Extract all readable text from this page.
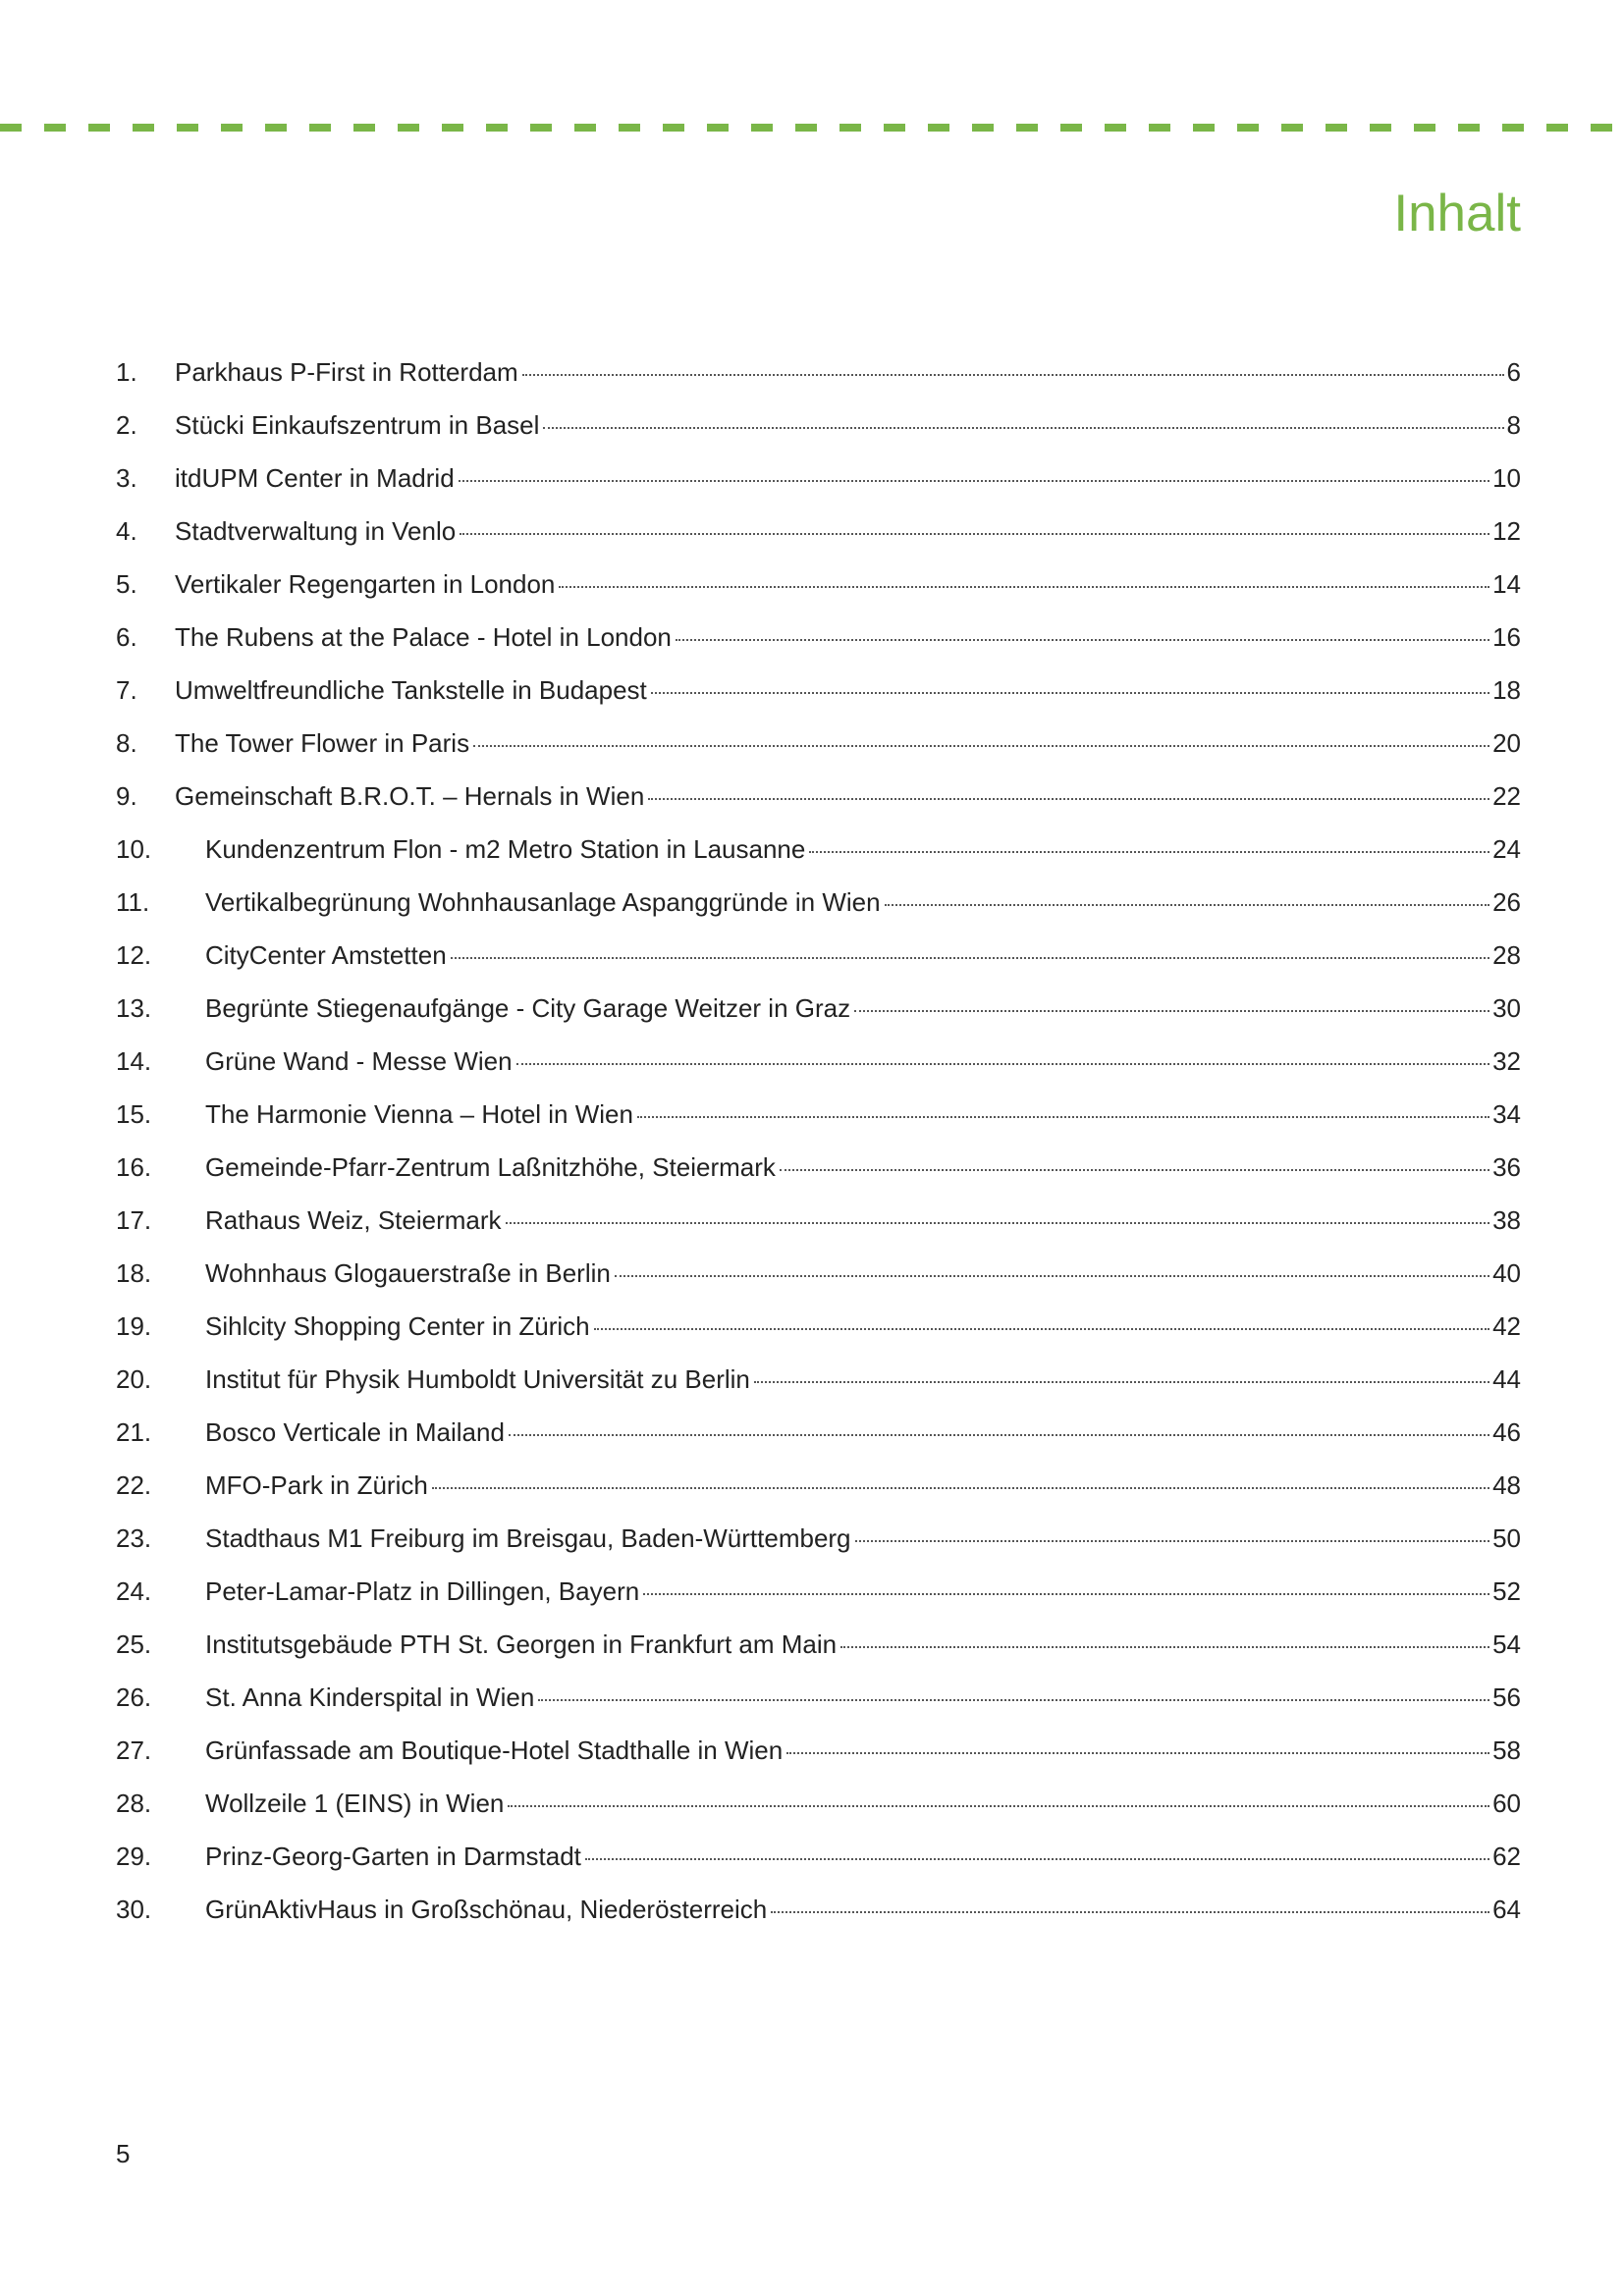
Inhalt
1.	Parkhaus P-First in Rotterdam	6
2.	Stücki Einkaufszentrum in Basel	8
3.	itdUPM Center in Madrid	10
4.	Stadtverwaltung in Venlo	12
5.	Vertikaler Regengarten in London	14
6.	The Rubens at the Palace - Hotel in London	16
7.	Umweltfreundliche Tankstelle in Budapest	18
8.	The Tower Flower in Paris	20
9.	Gemeinschaft B.R.O.T. – Hernals in Wien	22
10.	Kundenzentrum Flon - m2 Metro Station in Lausanne	24
11.	Vertikalbegrünung Wohnhausanlage Aspanggründe in Wien	26
12.	CityCenter Amstetten	28
13.	Begrünte Stiegenaufgänge - City Garage Weitzer in Graz	30
14.	Grüne Wand - Messe Wien	32
15.	The Harmonie Vienna – Hotel in Wien	34
16.	Gemeinde-Pfarr-Zentrum Laßnitzhöhe, Steiermark	36
17.	Rathaus Weiz, Steiermark	38
18.	Wohnhaus Glogauerstraße in Berlin	40
19.	Sihlcity Shopping Center in Zürich	42
20.	Institut für Physik Humboldt Universität zu Berlin	44
21.	Bosco Verticale in Mailand	46
22.	MFO-Park in Zürich	48
23.	Stadthaus M1 Freiburg im Breisgau, Baden-Württemberg	50
24.	Peter-Lamar-Platz in Dillingen, Bayern	52
25.	Institutsgebäude PTH St. Georgen in Frankfurt am Main	54
26.	St. Anna Kinderspital in Wien	56
27.	Grünfassade am Boutique-Hotel Stadthalle in Wien	58
28.	Wollzeile 1 (EINS) in Wien	60
29.	Prinz-Georg-Garten in Darmstadt	62
30.	GrünAktivHaus in Großschönau, Niederösterreich	64
5
